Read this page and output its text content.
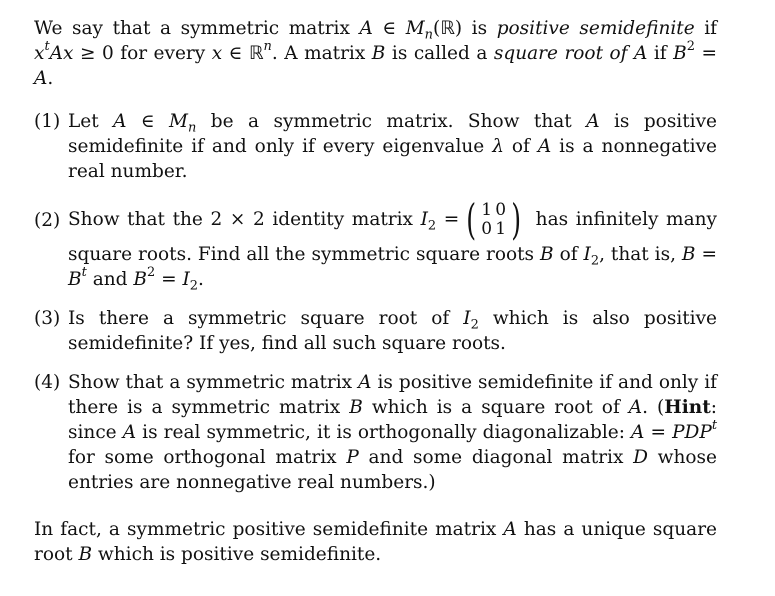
We say that a symmetric matrix A ∈ $M_n(ℝ)$ is positive semidefinite if $x^tAx \ge 0$ for every x ∈ ℝ$^n$. A matrix B is called a square root of A if $B^2 = A$.

(1) Let A ∈ $M_n$ be a symmetric matrix. Show that A is positive semidefinite if and only if every eigenvalue λ of A is a nonnegative real number.
(2) Show that the 2 × 2 identity matrix $I_2$ = ( 1 0
0 1 ) has infinitely many square roots. Find all the symmetric square roots B of $I_2$, that is, $B = B^t$ and $B^2 = I_2$.
(3) Is there a symmetric square root of $I_2$ which is also positive semidefinite? If yes, find all such square roots.
(4) Show that a symmetric matrix A is positive semidefinite if and only if there is a symmetric matrix B which is a square root of A. (Hint: since A is real symmetric, it is orthogonally diagonalizable: $A = PDP^t$ for some orthogonal matrix P and some diagonal matrix D whose entries are nonnegative real numbers.)

In fact, a symmetric positive semidefinite matrix A has a unique square root B which is positive semidefinite.
